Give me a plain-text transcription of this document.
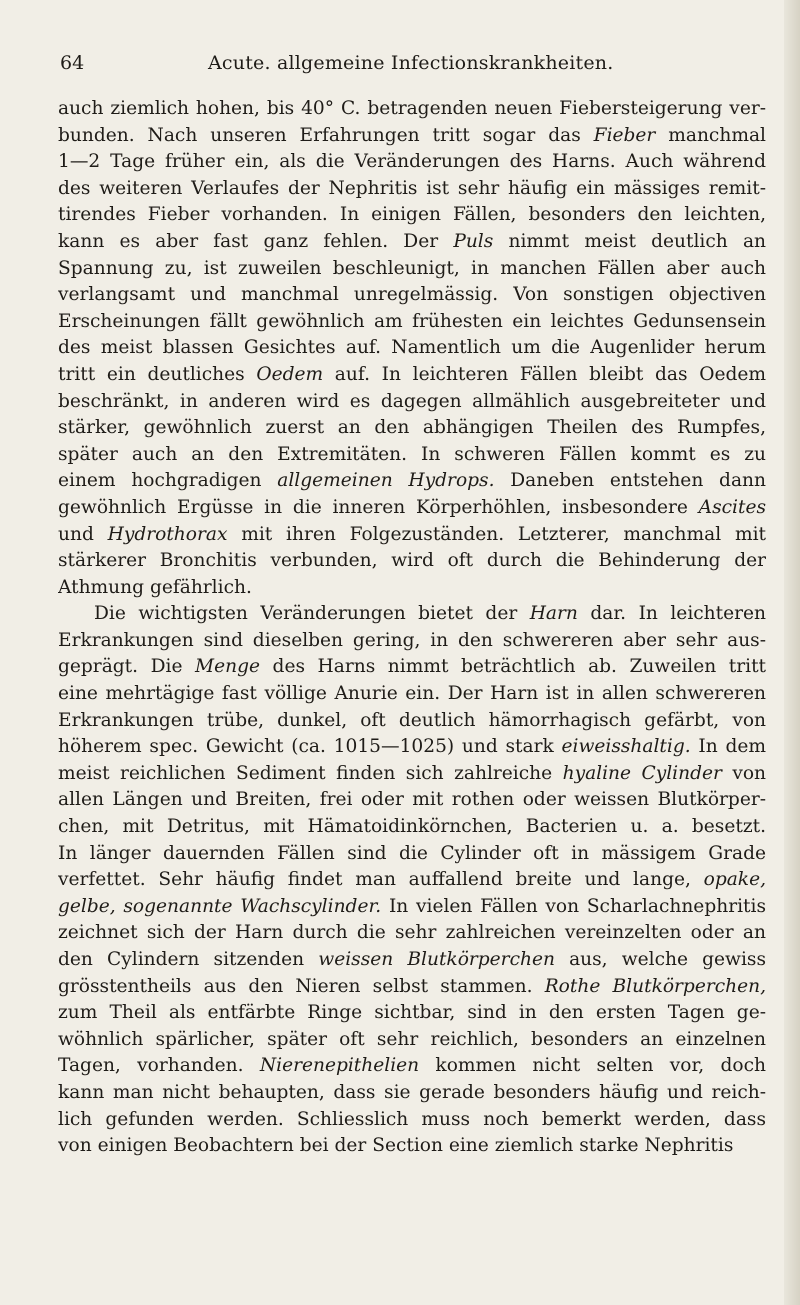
64	Acute. allgemeine Infectionskrankheiten.
auch ziemlich hohen, bis 40° C. betragenden neuen Fiebersteigerung ver-
bunden. Nach unseren Erfahrungen tritt sogar das Fieber manchmal
1—2 Tage früher ein, als die Veränderungen des Harns. Auch während
des weiteren Verlaufes der Nephritis ist sehr häufig ein mässiges remit-
tirendes Fieber vorhanden. In einigen Fällen, besonders den leichten,
kann es aber fast ganz fehlen. Der Puls nimmt meist deutlich an
Spannung zu, ist zuweilen beschleunigt, in manchen Fällen aber auch
verlangsamt und manchmal unregelmässig. Von sonstigen objectiven
Erscheinungen fällt gewöhnlich am frühesten ein leichtes Gedunsensein
des meist blassen Gesichtes auf. Namentlich um die Augenlider herum
tritt ein deutliches Oedem auf. In leichteren Fällen bleibt das Oedem
beschränkt, in anderen wird es dagegen allmählich ausgebreiteter und
stärker, gewöhnlich zuerst an den abhängigen Theilen des Rumpfes,
später auch an den Extremitäten. In schweren Fällen kommt es zu
einem hochgradigen allgemeinen Hydrops. Daneben entstehen dann
gewöhnlich Ergüsse in die inneren Körperhöhlen, insbesondere Ascites
und Hydrothorax mit ihren Folgezuständen. Letzterer, manchmal mit
stärkerer Bronchitis verbunden, wird oft durch die Behinderung der
Athmung gefährlich.
Die wichtigsten Veränderungen bietet der Harn dar. In leichteren
Erkrankungen sind dieselben gering, in den schwereren aber sehr aus-
geprägt. Die Menge des Harns nimmt beträchtlich ab. Zuweilen tritt
eine mehrtägige fast völlige Anurie ein. Der Harn ist in allen schwereren
Erkrankungen trübe, dunkel, oft deutlich hämorrhagisch gefärbt, von
höherem spec. Gewicht (ca. 1015—1025) und stark eiweisshaltig. In dem
meist reichlichen Sediment finden sich zahlreiche hyaline Cylinder von
allen Längen und Breiten, frei oder mit rothen oder weissen Blutkörper-
chen, mit Detritus, mit Hämatoidinkörnchen, Bacterien u. a. besetzt.
In länger dauernden Fällen sind die Cylinder oft in mässigem Grade
verfettet. Sehr häufig findet man auffallend breite und lange, opake,
gelbe, sogenannte Wachscylinder. In vielen Fällen von Scharlachnephritis
zeichnet sich der Harn durch die sehr zahlreichen vereinzelten oder an
den Cylindern sitzenden weissen Blutkörperchen aus, welche gewiss
grösstentheils aus den Nieren selbst stammen. Rothe Blutkörperchen,
zum Theil als entfärbte Ringe sichtbar, sind in den ersten Tagen ge-
wöhnlich spärlicher, später oft sehr reichlich, besonders an einzelnen
Tagen, vorhanden. Nierenepithelien kommen nicht selten vor, doch
kann man nicht behaupten, dass sie gerade besonders häufig und reich-
lich gefunden werden. Schliesslich muss noch bemerkt werden, dass
von einigen Beobachtern bei der Section eine ziemlich starke Nephritis
